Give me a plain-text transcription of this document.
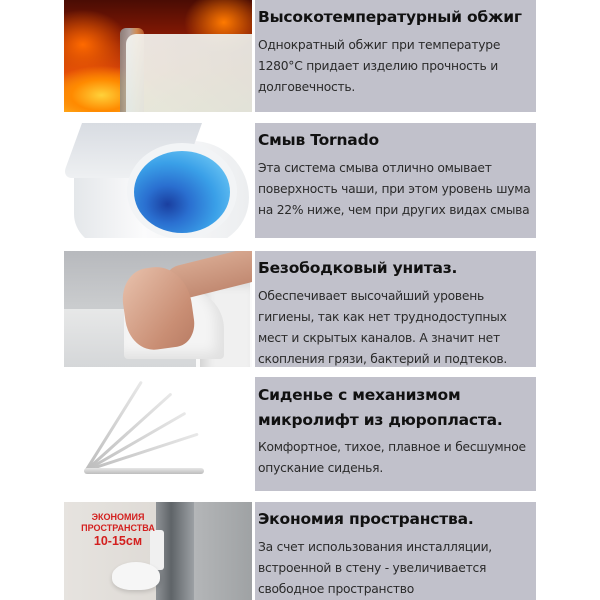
Высокотемпературный обжиг

Однократный обжиг при температуре 1280°С придает изделию прочность и долговечность.

Смыв Tornado

Эта система смыва отлично омывает поверхность чаши, при этом уровень шума на 22% ниже, чем при других видах смыва

Безободковый унитаз.

Обеспечивает высочайший уровень гигиены, так как нет труднодоступных мест и скрытых каналов. А значит нет скопления грязи, бактерий и подтеков.

Сиденье с механизмом микролифт из дюропласта.

Комфортное, тихое, плавное и бесшумное опускание сиденья.

ЭКОНОМИЯ
ПРОСТРАНСТВА
10-15см
Экономия пространства.

За счет использования инсталляции, встроенной в стену - увеличивается свободное пространство
